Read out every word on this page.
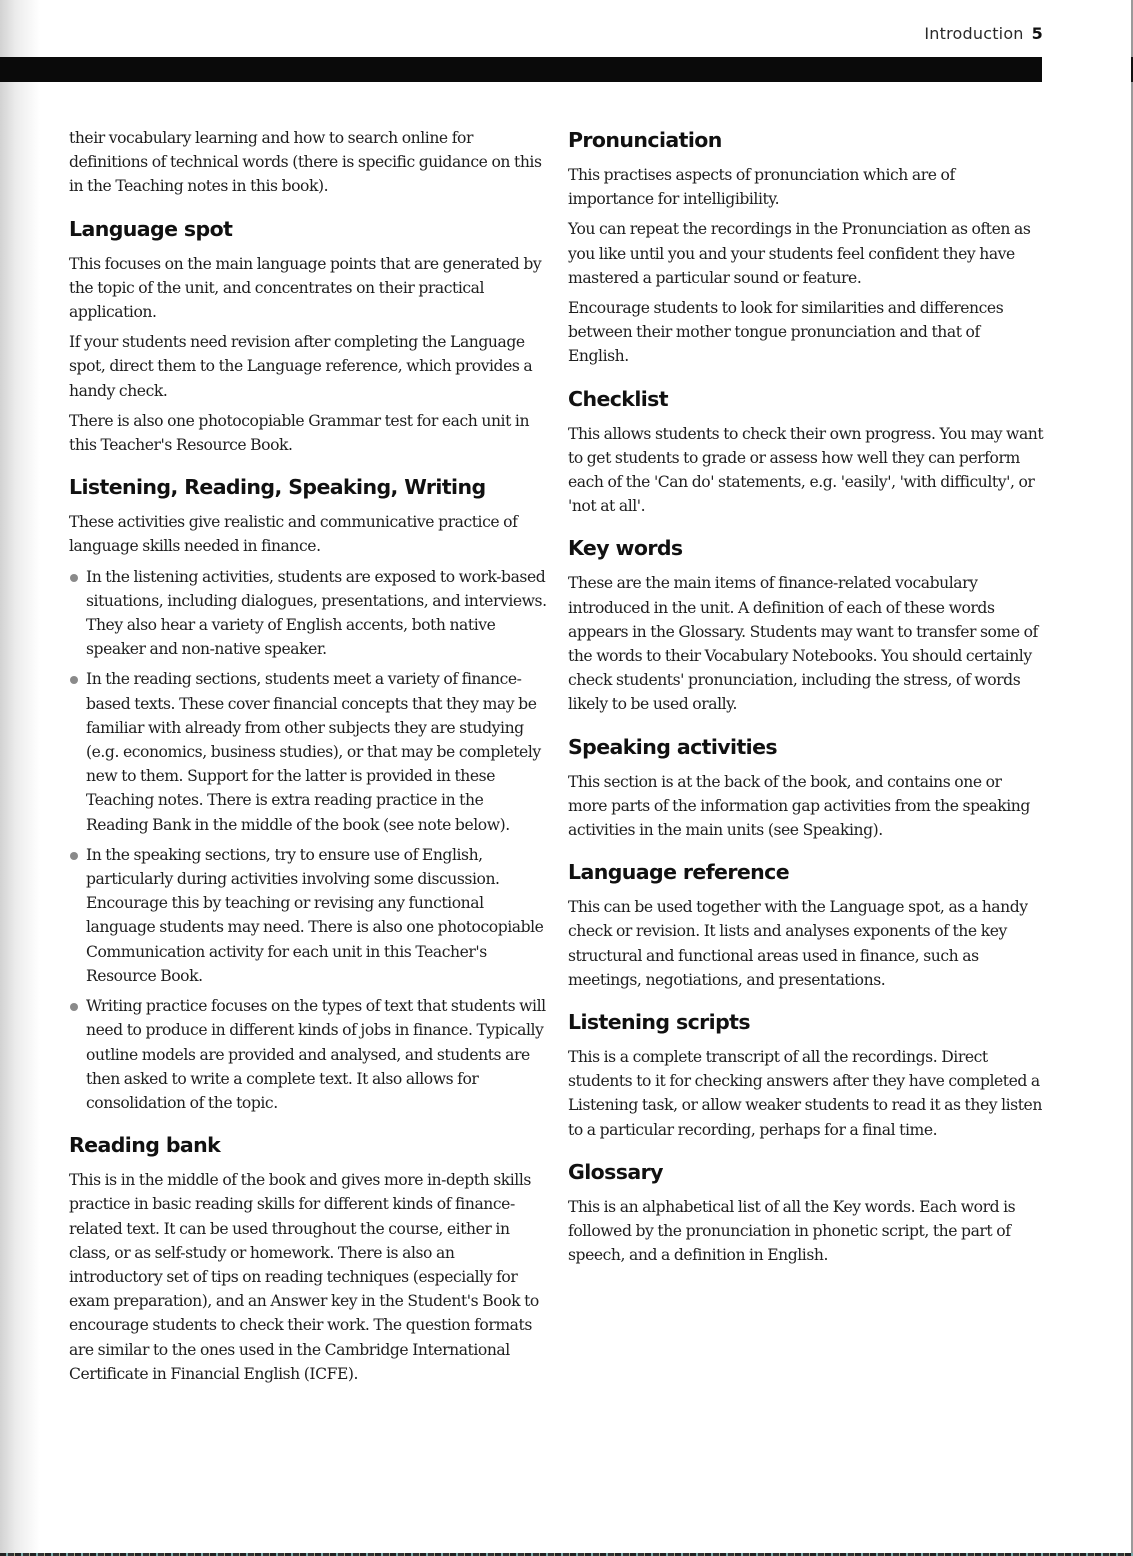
Introduction 5

their vocabulary learning and how to search online for definitions of technical words (there is specific guidance on this in the Teaching notes in this book).

Language spot

This focuses on the main language points that are generated by the topic of the unit, and concentrates on their practical application.

If your students need revision after completing the Language spot, direct them to the Language reference, which provides a handy check.

There is also one photocopiable Grammar test for each unit in this Teacher's Resource Book.

Listening, Reading, Speaking, Writing

These activities give realistic and communicative practice of language skills needed in finance.

In the listening activities, students are exposed to work-based situations, including dialogues, presentations, and interviews. They also hear a variety of English accents, both native speaker and non-native speaker.
In the reading sections, students meet a variety of finance-based texts. These cover financial concepts that they may be familiar with already from other subjects they are studying (e.g. economics, business studies), or that may be completely new to them. Support for the latter is provided in these Teaching notes. There is extra reading practice in the Reading Bank in the middle of the book (see note below).
In the speaking sections, try to ensure use of English, particularly during activities involving some discussion. Encourage this by teaching or revising any functional language students may need. There is also one photocopiable Communication activity for each unit in this Teacher's Resource Book.
Writing practice focuses on the types of text that students will need to produce in different kinds of jobs in finance. Typically outline models are provided and analysed, and students are then asked to write a complete text. It also allows for consolidation of the topic.
Reading bank

This is in the middle of the book and gives more in-depth skills practice in basic reading skills for different kinds of finance-related text. It can be used throughout the course, either in class, or as self-study or homework. There is also an introductory set of tips on reading techniques (especially for exam preparation), and an Answer key in the Student's Book to encourage students to check their work. The question formats are similar to the ones used in the Cambridge International Certificate in Financial English (ICFE).

Pronunciation

This practises aspects of pronunciation which are of importance for intelligibility.

You can repeat the recordings in the Pronunciation as often as you like until you and your students feel confident they have mastered a particular sound or feature.

Encourage students to look for similarities and differences between their mother tongue pronunciation and that of English.

Checklist

This allows students to check their own progress. You may want to get students to grade or assess how well they can perform each of the 'Can do' statements, e.g. 'easily', 'with difficulty', or 'not at all'.

Key words

These are the main items of finance-related vocabulary introduced in the unit. A definition of each of these words appears in the Glossary. Students may want to transfer some of the words to their Vocabulary Notebooks. You should certainly check students' pronunciation, including the stress, of words likely to be used orally.

Speaking activities

This section is at the back of the book, and contains one or more parts of the information gap activities from the speaking activities in the main units (see Speaking).

Language reference

This can be used together with the Language spot, as a handy check or revision. It lists and analyses exponents of the key structural and functional areas used in finance, such as meetings, negotiations, and presentations.

Listening scripts

This is a complete transcript of all the recordings. Direct students to it for checking answers after they have completed a Listening task, or allow weaker students to read it as they listen to a particular recording, perhaps for a final time.

Glossary

This is an alphabetical list of all the Key words. Each word is followed by the pronunciation in phonetic script, the part of speech, and a definition in English.
